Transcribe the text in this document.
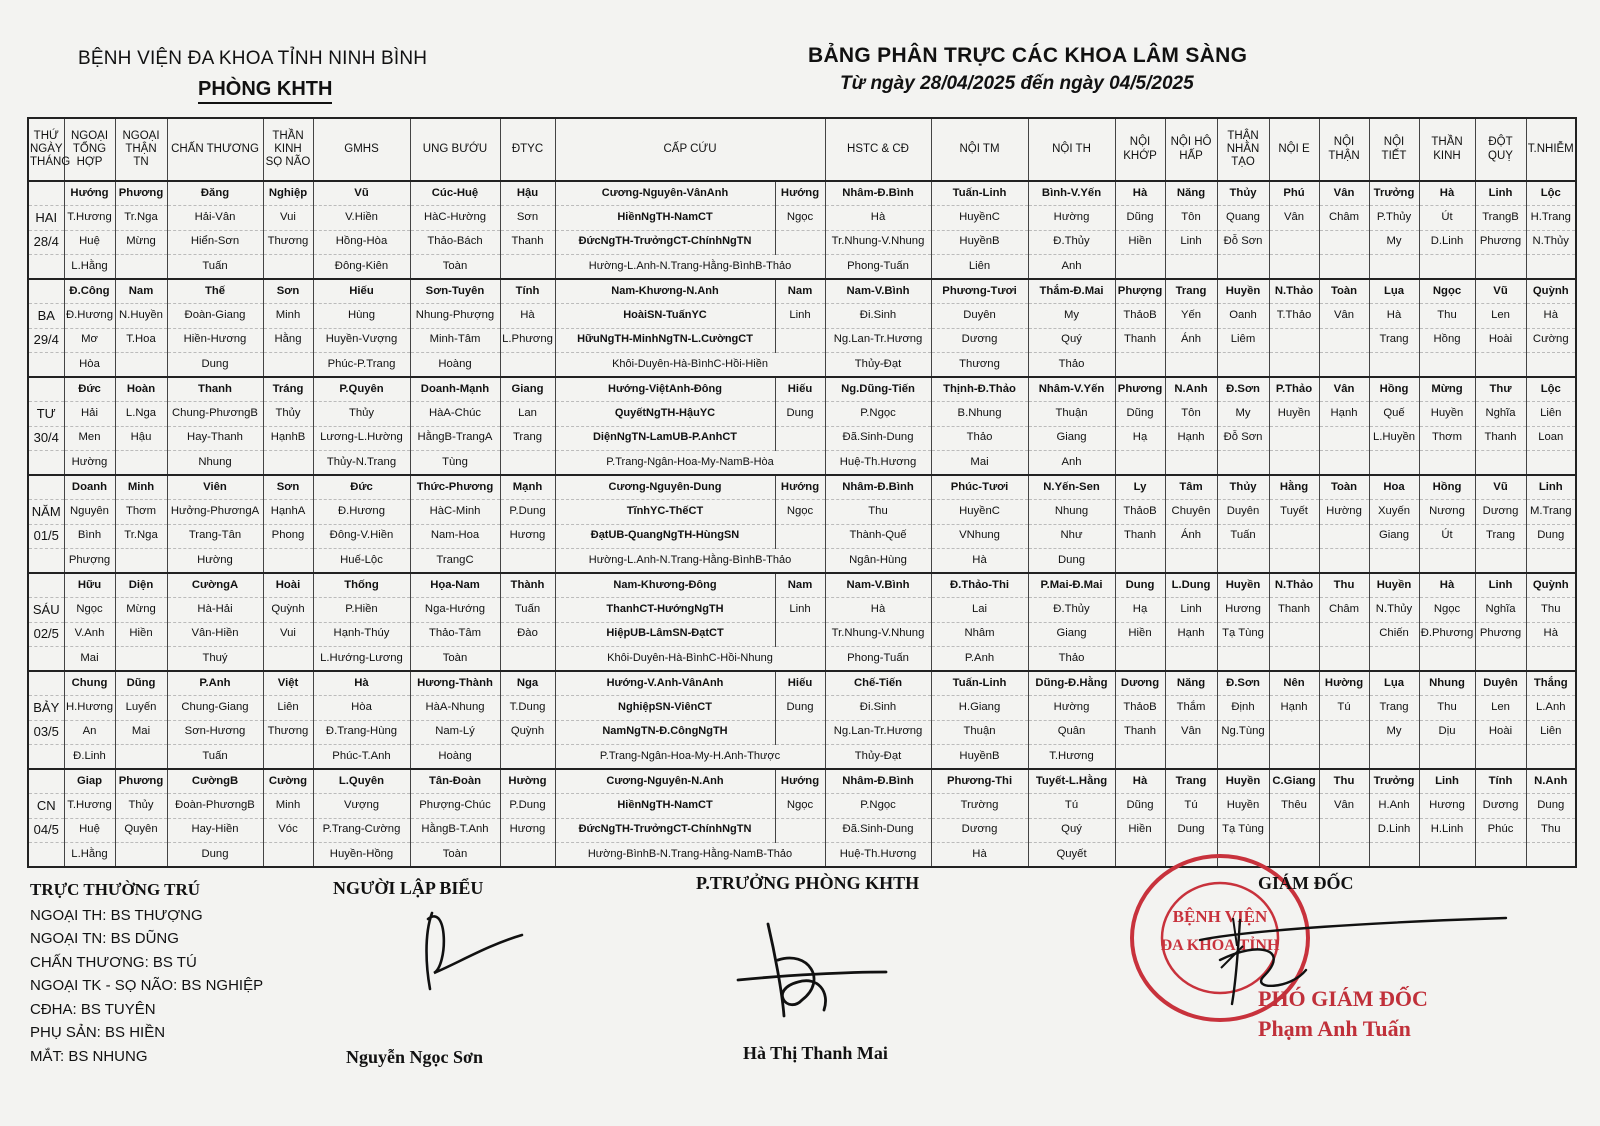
BỆNH VIỆN ĐA KHOA TỈNH NINH BÌNH
PHÒNG KHTH
BẢNG PHÂN TRỰC CÁC KHOA LÂM SÀNG
Từ ngày 28/04/2025 đến ngày 04/5/2025
THỨ NGÀY THÁNG	NGOẠI TỔNG HỢP	NGOẠI THẬN TN	CHẤN THƯƠNG	THẦN KINH SỌ NÃO	GMHS	UNG BƯỚU	ĐTYC	CẤP CỨU		HSTC & CĐ	NỘI TM	NỘI TH	NỘI KHỚP	NỘI HÔ HẤP	THẬN NHÂN TẠO	NỘI E	NỘI THẬN	NỘI TIẾT	THẦN KINH	ĐỘT QUỴ	T.NHIỄM
	Hướng	Phương	Đăng	Nghiệp	Vũ	Cúc-Huệ	Hậu	Cương-Nguyên-VânAnh	Hướng	Nhâm-Đ.Bình	Tuấn-Linh	Bình-V.Yến	Hà	Năng	Thủy	Phú	Vân	Trưởng	Hà	Linh	Lộc
HAI	T.Hương	Tr.Nga	Hải-Vân	Vui	V.Hiền	HàC-Hường	Sơn	HiềnNgTH-NamCT	Ngọc	Hà	HuyềnC	Hường	Dũng	Tôn	Quang	Vân	Châm	P.Thủy	Út	TrangB	H.Trang
28/4	Huệ	Mừng	Hiển-Sơn	Thương	Hồng-Hòa	Thảo-Bách	Thanh	ĐứcNgTH-TrưởngCT-ChínhNgTN		Tr.Nhung-V.Nhung	HuyềnB	Đ.Thủy	Hiền	Linh	Đỗ Sơn			My	D.Linh	Phương	N.Thủy
	L.Hằng		Tuấn		Đông-Kiên	Toàn		Hường-L.Anh-N.Trang-Hằng-BìnhB-Thảo		Phong-Tuấn	Liên	Anh									
	Đ.Công	Nam	Thế	Sơn	Hiếu	Sơn-Tuyên	Tính	Nam-Khương-N.Anh	Nam	Nam-V.Bình	Phương-Tươi	Thắm-Đ.Mai	Phượng	Trang	Huyền	N.Thảo	Toàn	Lụa	Ngọc	Vũ	Quỳnh
BA	Đ.Hương	N.Huyền	Đoàn-Giang	Minh	Hùng	Nhung-Phượng	Hà	HoàiSN-TuấnYC	Linh	Đi.Sinh	Duyên	My	ThảoB	Yến	Oanh	T.Thảo	Vân	Hà	Thu	Len	Hà
29/4	Mơ	T.Hoa	Hiền-Hương	Hằng	Huyền-Vượng	Minh-Tâm	L.Phương	HữuNgTH-MinhNgTN-L.CườngCT		Ng.Lan-Tr.Hương	Dương	Quý	Thanh	Ánh	Liêm			Trang	Hồng	Hoài	Cường
	Hòa		Dung		Phúc-P.Trang	Hoàng		Khôi-Duyên-Hà-BìnhC-Hồi-Hiền		Thủy-Đạt	Thương	Thảo									
	Đức	Hoàn	Thanh	Tráng	P.Quyên	Doanh-Mạnh	Giang	Hướng-ViệtAnh-Đông	Hiếu	Ng.Dũng-Tiến	Thịnh-Đ.Thảo	Nhâm-V.Yến	Phương	N.Anh	Đ.Sơn	P.Thảo	Vân	Hồng	Mừng	Thư	Lộc
TƯ	Hải	L.Nga	Chung-PhươngB	Thủy	Thủy	HàA-Chúc	Lan	QuyếtNgTH-HậuYC	Dung	P.Ngọc	B.Nhung	Thuận	Dũng	Tôn	My	Huyền	Hạnh	Quế	Huyền	Nghĩa	Liên
30/4	Men	Hậu	Hay-Thanh	HạnhB	Lương-L.Hường	HằngB-TrangA	Trang	DiệnNgTN-LamUB-P.AnhCT		Đã.Sinh-Dung	Thảo	Giang	Hạ	Hạnh	Đỗ Sơn			L.Huyền	Thơm	Thanh	Loan
	Hường		Nhung		Thủy-N.Trang	Tùng		P.Trang-Ngân-Hoa-My-NamB-Hòa		Huệ-Th.Hương	Mai	Anh									
	Doanh	Minh	Viên	Sơn	Đức	Thức-Phương	Mạnh	Cương-Nguyên-Dung	Hướng	Nhâm-Đ.Bình	Phúc-Tươi	N.Yến-Sen	Ly	Tâm	Thủy	Hằng	Toàn	Hoa	Hồng	Vũ	Linh
NĂM	Nguyên	Thơm	Hưởng-PhươngA	HạnhA	Đ.Hương	HàC-Minh	P.Dung	TĩnhYC-ThếCT	Ngọc	Thu	HuyềnC	Nhung	ThảoB	Chuyên	Duyên	Tuyết	Hường	Xuyến	Nương	Dương	M.Trang
01/5	Bình	Tr.Nga	Trang-Tân	Phong	Đông-V.Hiền	Nam-Hoa	Hương	ĐạtUB-QuangNgTH-HùngSN		Thành-Quế	VNhung	Như	Thanh	Ánh	Tuấn			Giang	Út	Trang	Dung
	Phượng		Hường		Huế-Lộc	TrangC		Hường-L.Anh-N.Trang-Hằng-BìnhB-Thảo		Ngân-Hùng	Hà	Dung									
	Hữu	Diện	CườngA	Hoài	Thống	Họa-Nam	Thành	Nam-Khương-Đông	Nam	Nam-V.Bình	Đ.Thảo-Thi	P.Mai-Đ.Mai	Dung	L.Dung	Huyền	N.Thảo	Thu	Huyền	Hà	Linh	Quỳnh
SÁU	Ngọc	Mừng	Hà-Hải	Quỳnh	P.Hiền	Nga-Hướng	Tuấn	ThanhCT-HướngNgTH	Linh	Hà	Lai	Đ.Thủy	Hạ	Linh	Hương	Thanh	Châm	N.Thủy	Ngọc	Nghĩa	Thu
02/5	V.Anh	Hiền	Vân-Hiền	Vui	Hạnh-Thúy	Thảo-Tâm	Đào	HiệpUB-LâmSN-ĐạtCT		Tr.Nhung-V.Nhung	Nhâm	Giang	Hiền	Hạnh	Tạ Tùng			Chiến	Đ.Phương	Phương	Hà
	Mai		Thuý		L.Hướng-Lương	Toàn		Khôi-Duyên-Hà-BìnhC-Hồi-Nhung		Phong-Tuấn	P.Anh	Thảo									
	Chung	Dũng	P.Anh	Việt	Hà	Hương-Thành	Nga	Hướng-V.Anh-VânAnh	Hiếu	Chế-Tiến	Tuấn-Linh	Dũng-Đ.Hằng	Dương	Năng	Đ.Sơn	Nên	Hường	Lụa	Nhung	Duyên	Thắng
BẢY	H.Hương	Luyến	Chung-Giang	Liên	Hòa	HàA-Nhung	T.Dung	NghiệpSN-ViênCT	Dung	Đi.Sinh	H.Giang	Hường	ThảoB	Thắm	Định	Hạnh	Tú	Trang	Thu	Len	L.Anh
03/5	An	Mai	Sơn-Hương	Thương	Đ.Trang-Hùng	Nam-Lý	Quỳnh	NamNgTN-Đ.CôngNgTH		Ng.Lan-Tr.Hương	Thuận	Quân	Thanh	Vân	Ng.Tùng			My	Dịu	Hoài	Liên
	Đ.Linh		Tuấn		Phúc-T.Anh	Hoàng		P.Trang-Ngân-Hoa-My-H.Anh-Thược		Thủy-Đạt	HuyềnB	T.Hương									
	Giap	Phương	CườngB	Cường	L.Quyên	Tân-Đoàn	Hường	Cương-Nguyên-N.Anh	Hướng	Nhâm-Đ.Bình	Phương-Thi	Tuyết-L.Hằng	Hà	Trang	Huyền	C.Giang	Thu	Trưởng	Linh	Tính	N.Anh
CN	T.Hương	Thủy	Đoàn-PhươngB	Minh	Vượng	Phượng-Chúc	P.Dung	HiềnNgTH-NamCT	Ngọc	P.Ngọc	Trường	Tú	Dũng	Tú	Huyền	Thêu	Vân	H.Anh	Hương	Dương	Dung
04/5	Huệ	Quyên	Hay-Hiền	Vóc	P.Trang-Cường	HằngB-T.Anh	Hương	ĐứcNgTH-TrưởngCT-ChínhNgTN		Đã.Sinh-Dung	Dương	Quý	Hiền	Dung	Tạ Tùng			D.Linh	H.Linh	Phúc	Thu
	L.Hằng		Dung		Huyền-Hồng	Toàn		Hường-BìnhB-N.Trang-Hằng-NamB-Thảo		Huệ-Th.Hương	Hà	Quyết									
TRỰC THƯỜNG TRÚ
NGOẠI TH: BS THƯỢNG
NGOẠI TN: BS DŨNG
CHẤN THƯƠNG: BS TÚ
NGOẠI TK - SỌ NÃO: BS NGHIỆP
CĐHA: BS TUYÊN
PHỤ SẢN: BS HIỀN
MẮT: BS NHUNG
NGƯỜI LẬP BIỂU
Nguyễn Ngọc Sơn
P.TRƯỞNG PHÒNG KHTH
Hà Thị Thanh Mai
BỆNH VIỆN
ĐA KHOA TỈNH
GIÁM ĐỐC
PHÓ GIÁM ĐỐC
Phạm Anh Tuấn
